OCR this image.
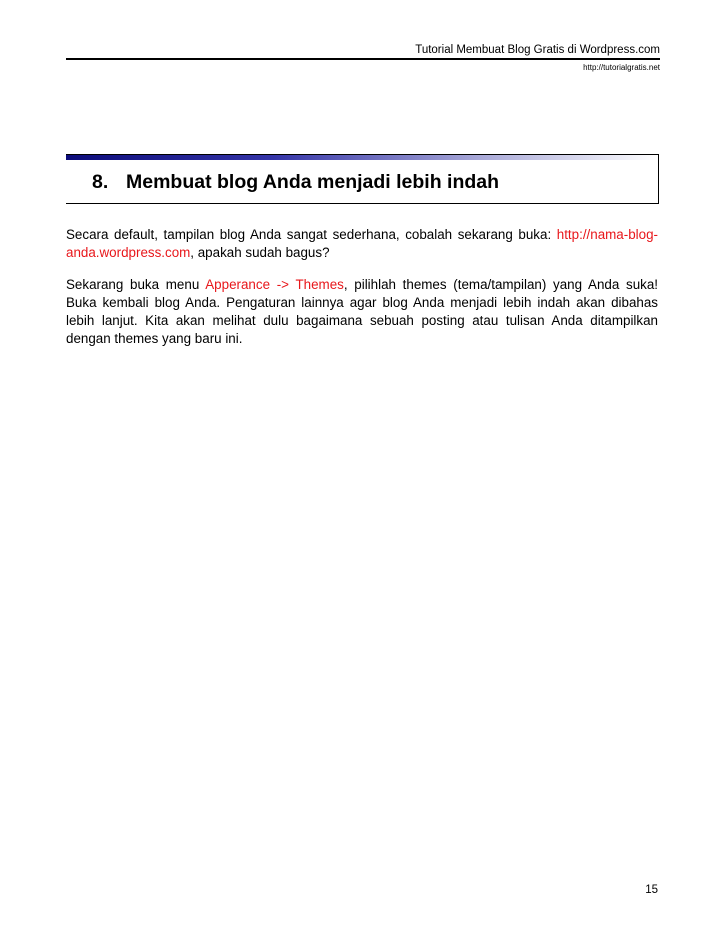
Tutorial Membuat Blog Gratis di Wordpress.com
http://tutorialgratis.net
8. Membuat blog Anda menjadi lebih indah

Secara default, tampilan blog Anda sangat sederhana, cobalah sekarang buka: http://nama-blog-anda.wordpress.com, apakah sudah bagus?

Sekarang buka menu Apperance -> Themes, pilihlah themes (tema/tampilan) yang Anda suka! Buka kembali blog Anda. Pengaturan lainnya agar blog Anda menjadi lebih indah akan dibahas lebih lanjut. Kita akan melihat dulu bagaimana sebuah posting atau tulisan Anda ditampilkan dengan themes yang baru ini.

15
